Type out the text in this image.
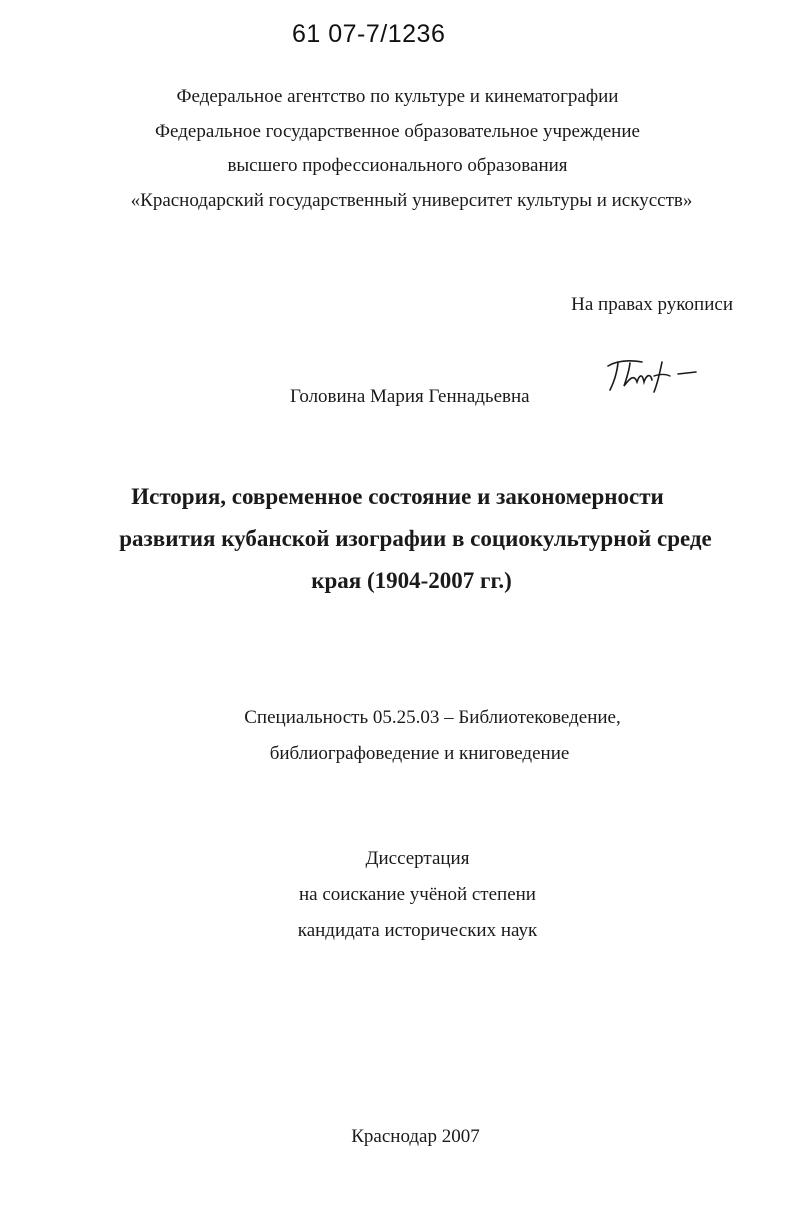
61 07-7/1236
Федеральное агентство по культуре и кинематографии
Федеральное государственное образовательное учреждение
высшего профессионального образования
«Краснодарский государственный университет культуры и искусств»
На правах рукописи
Головина Мария Геннадьевна
История, современное состояние и закономерности
развития кубанской изографии в социокультурной среде
края (1904-2007 гг.)
Специальность 05.25.03 – Библиотековедение,
библиографоведение и книговедение
Диссертация
на соискание учёной степени
кандидата исторических наук
Краснодар 2007
